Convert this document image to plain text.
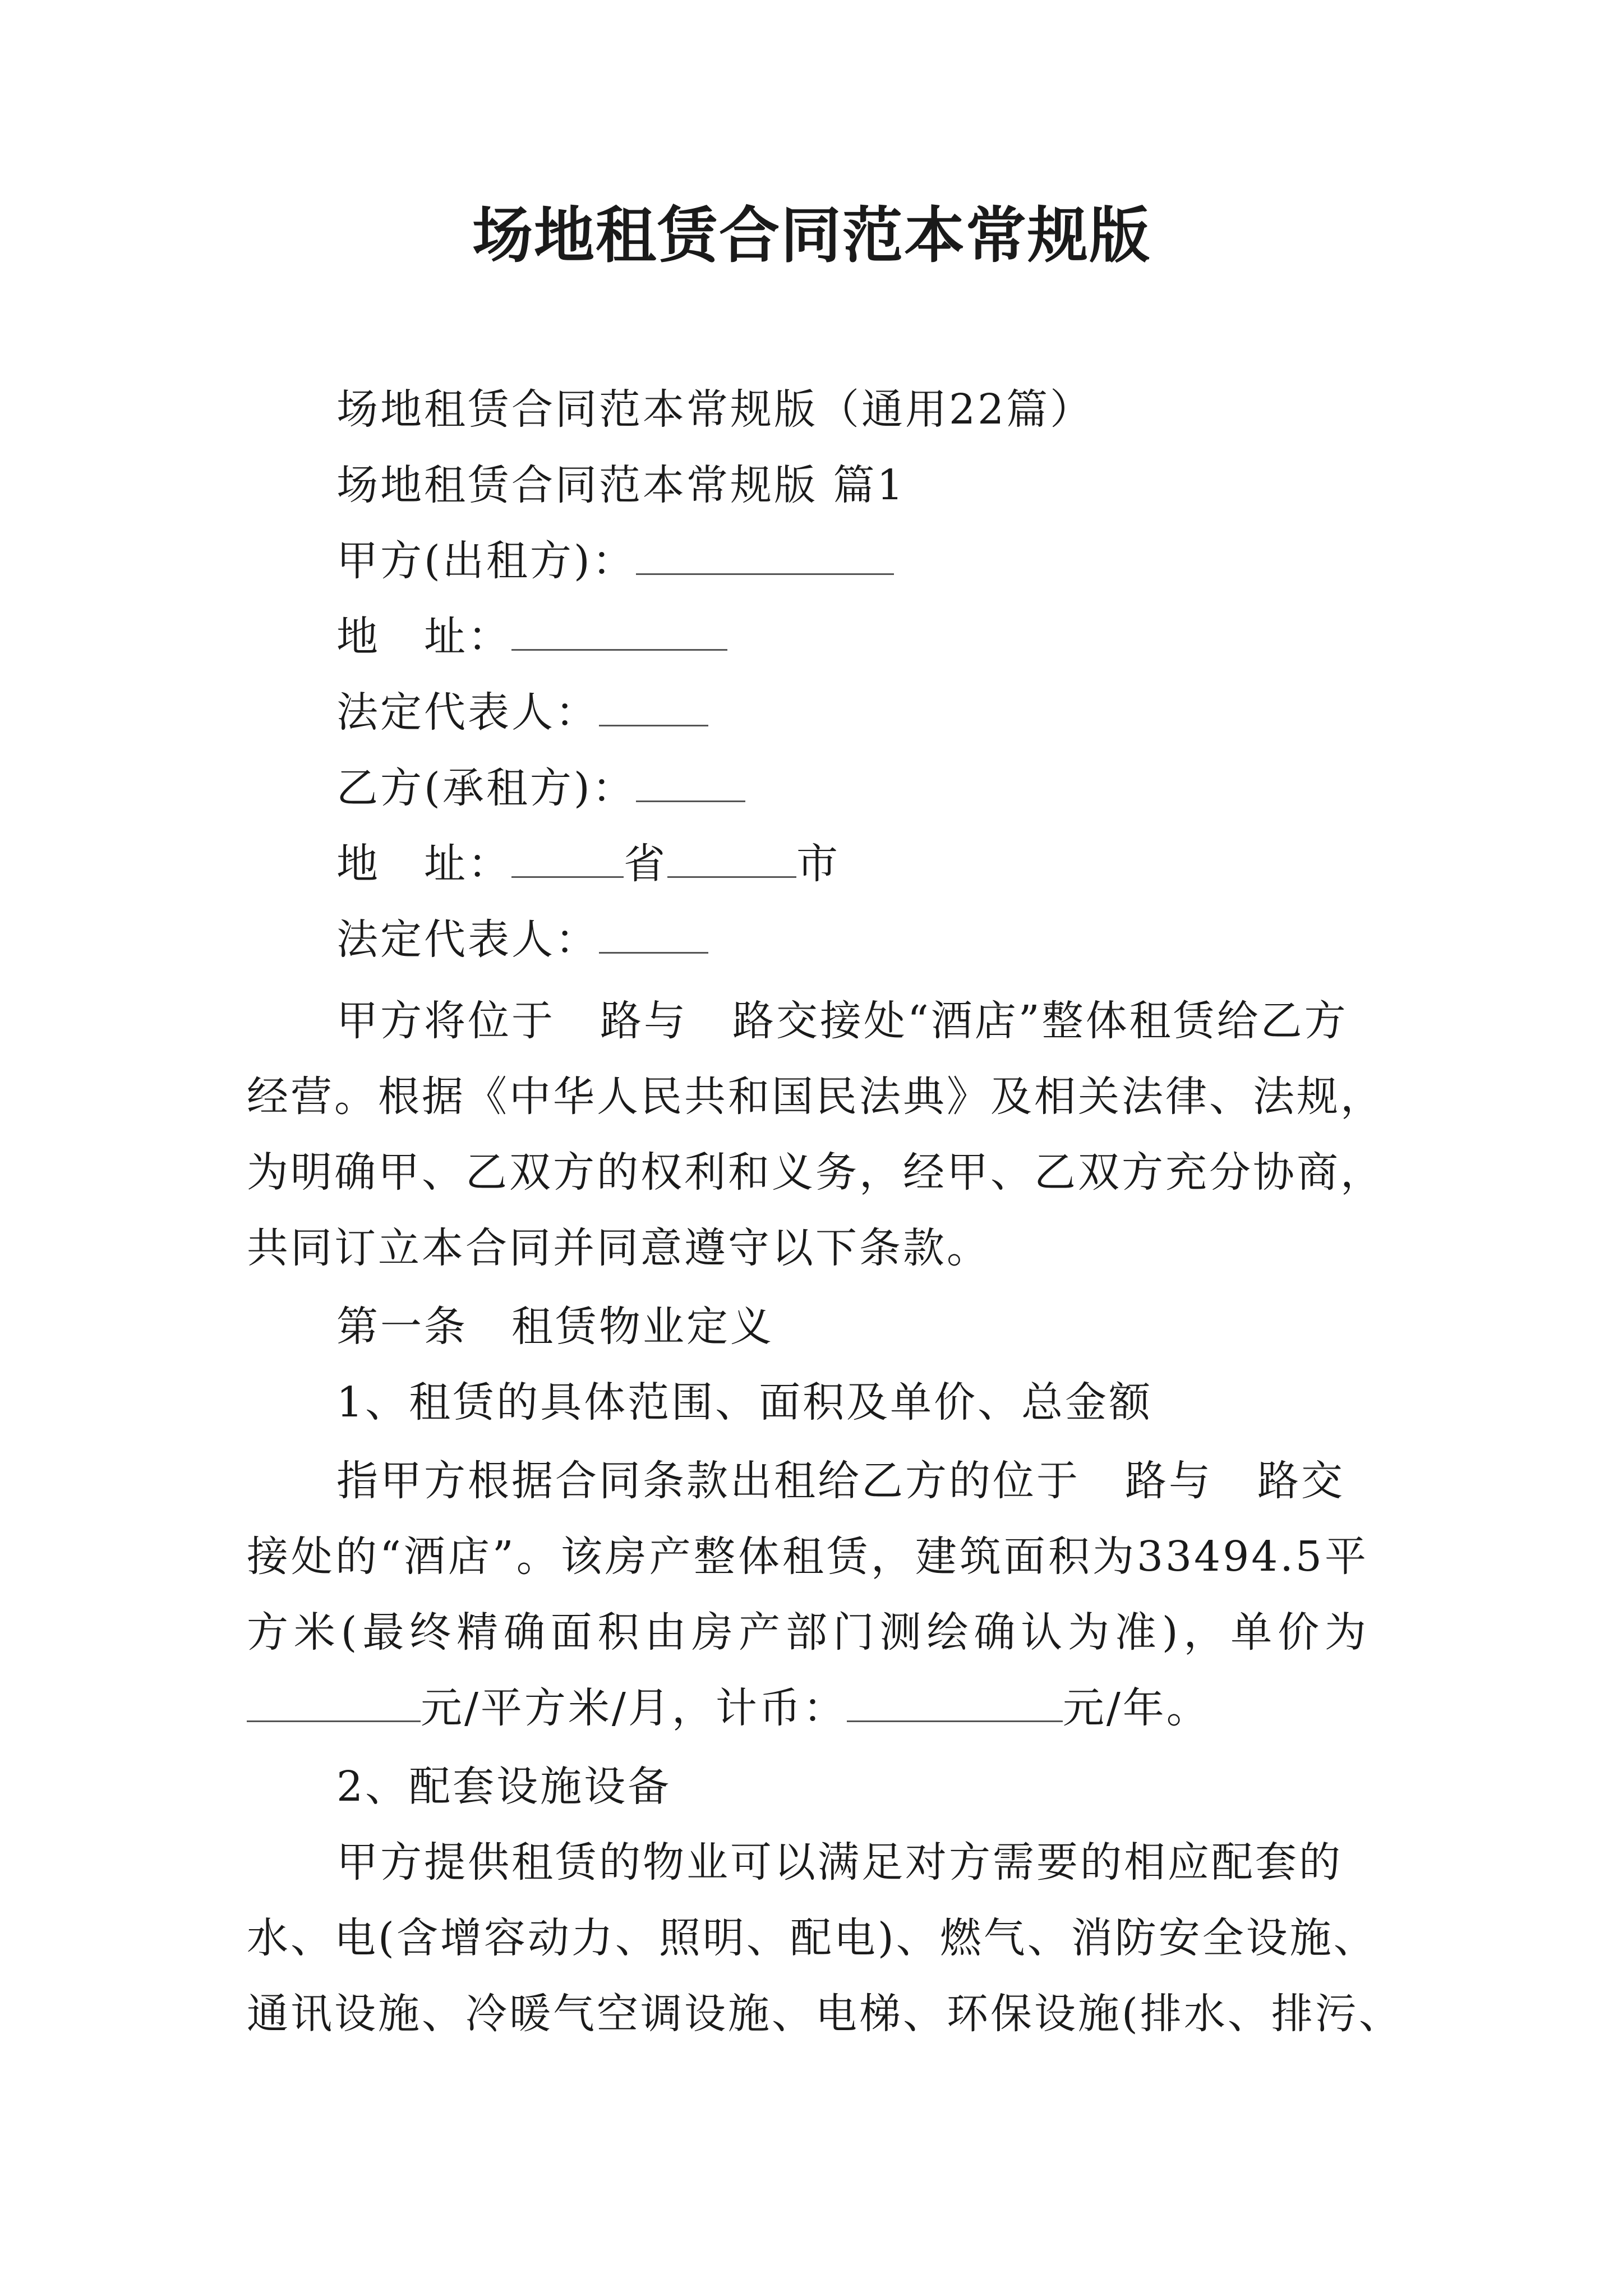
场地租赁合同范本常规版

场地租赁合同范本常规版（通用22篇）

场地租赁合同范本常规版 篇1

甲方(出租方)：

地　址：

法定代表人：

乙方(承租方)：

地　址：	省	市

法定代表人：

甲方将位于 路与 路交接处“酒店”整体租赁给乙方

经营。根据《中华人民共和国民法典》及相关法律、法规，

为明确甲、乙双方的权利和义务，经甲、乙双方充分协商，

共同订立本合同并同意遵守以下条款。

第一条　租赁物业定义

1、租赁的具体范围、面积及单价、总金额

指甲方根据合同条款出租给乙方的位于 路与 路交

接处的“酒店”。该房产整体租赁，建筑面积为33494.5平

方米(最终精确面积由房产部门测绘确认为准)，单价为

元/平方米/月，计币：	元/年。

2、配套设施设备

甲方提供租赁的物业可以满足对方需要的相应配套的

水、电(含增容动力、照明、配电)、燃气、消防安全设施、

通讯设施、冷暖气空调设施、电梯、环保设施(排水、排污、
